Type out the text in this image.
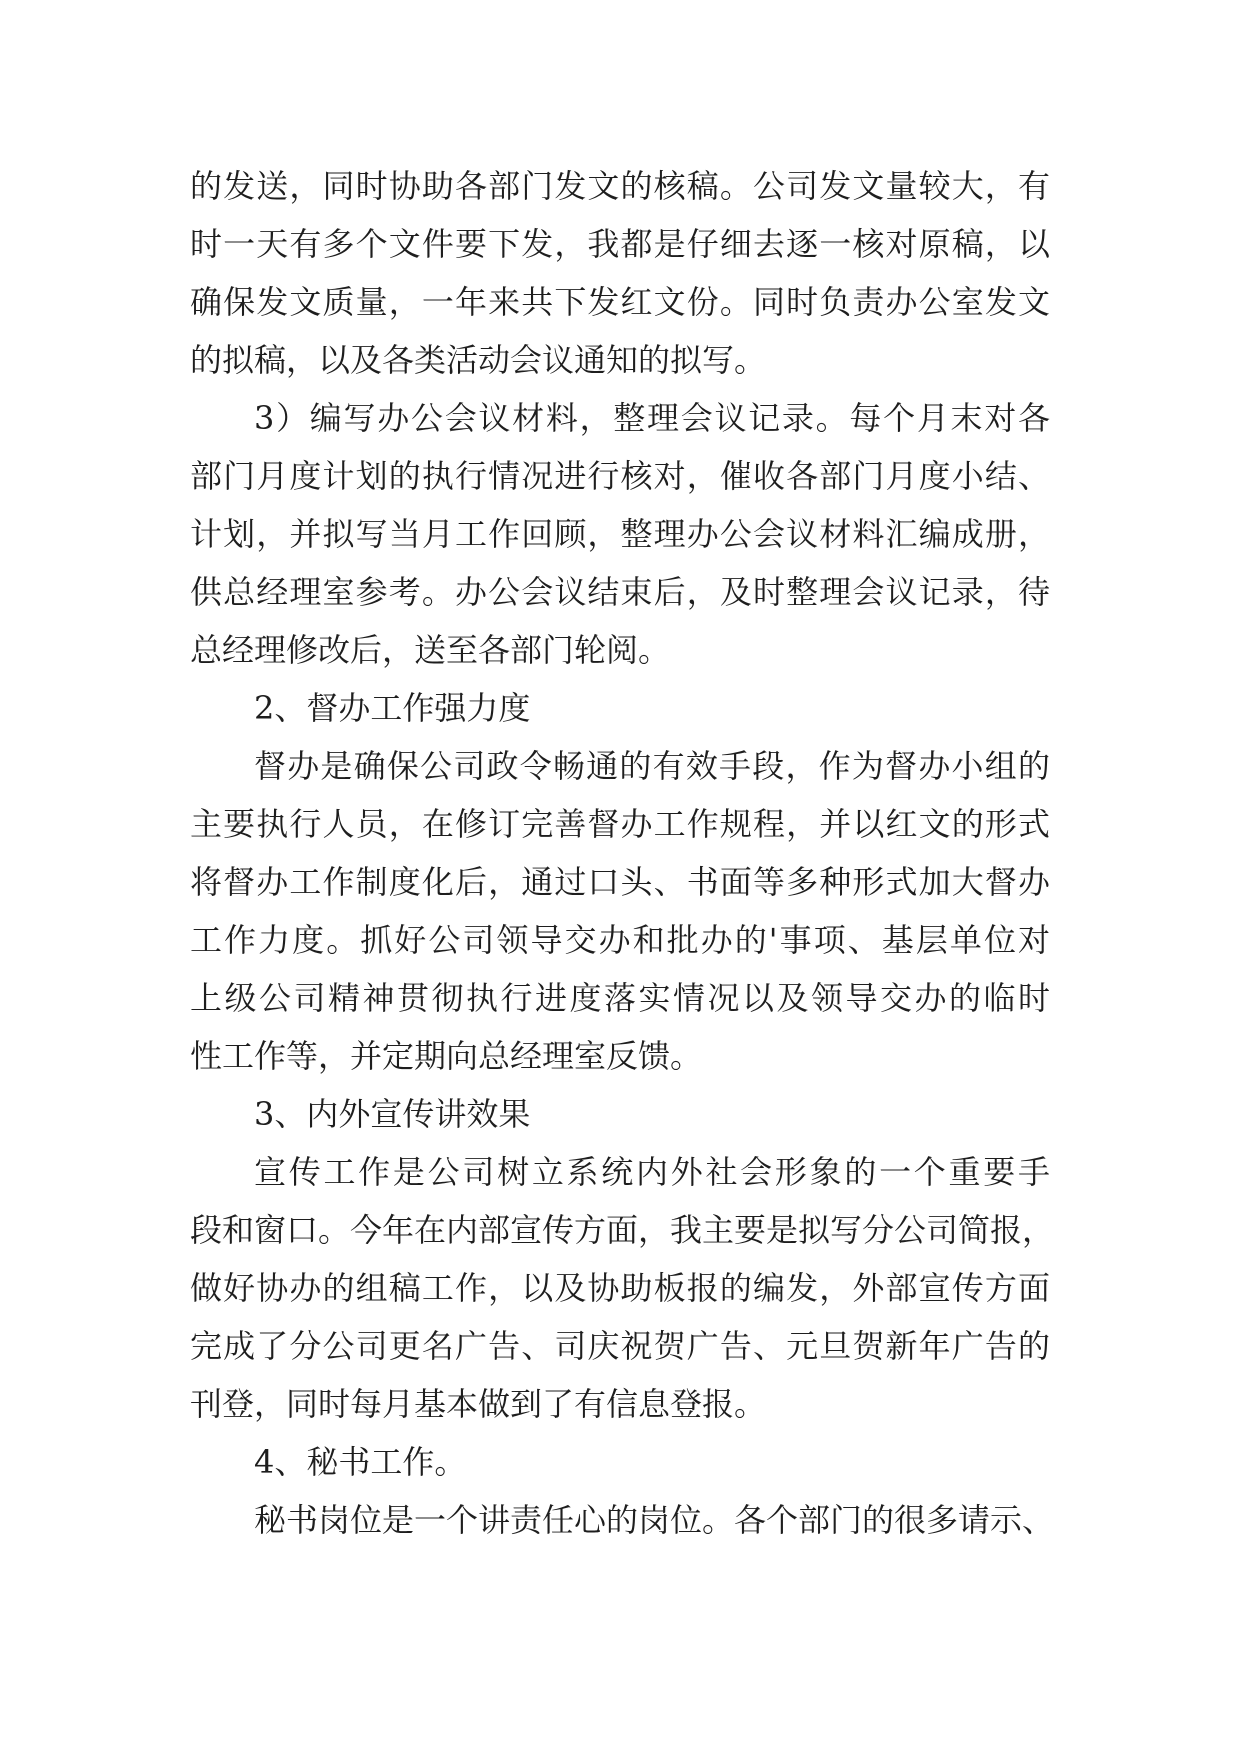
的发送，同时协助各部门发文的核稿。公司发文量较大，有
时一天有多个文件要下发，我都是仔细去逐一核对原稿，以
确保发文质量，一年来共下发红文份。同时负责办公室发文
的拟稿，以及各类活动会议通知的拟写。
3）编写办公会议材料，整理会议记录。每个月末对各
部门月度计划的执行情况进行核对，催收各部门月度小结、
计划，并拟写当月工作回顾，整理办公会议材料汇编成册，
供总经理室参考。办公会议结束后，及时整理会议记录，待
总经理修改后，送至各部门轮阅。
2、督办工作强力度
督办是确保公司政令畅通的有效手段，作为督办小组的
主要执行人员，在修订完善督办工作规程，并以红文的形式
将督办工作制度化后，通过口头、书面等多种形式加大督办
工作力度。抓好公司领导交办和批办的'事项、基层单位对
上级公司精神贯彻执行进度落实情况以及领导交办的临时
性工作等，并定期向总经理室反馈。
3、内外宣传讲效果
宣传工作是公司树立系统内外社会形象的一个重要手
段和窗口。今年在内部宣传方面，我主要是拟写分公司简报，
做好协办的组稿工作，以及协助板报的编发，外部宣传方面
完成了分公司更名广告、司庆祝贺广告、元旦贺新年广告的
刊登，同时每月基本做到了有信息登报。
4、秘书工作。
秘书岗位是一个讲责任心的岗位。各个部门的很多请示、
